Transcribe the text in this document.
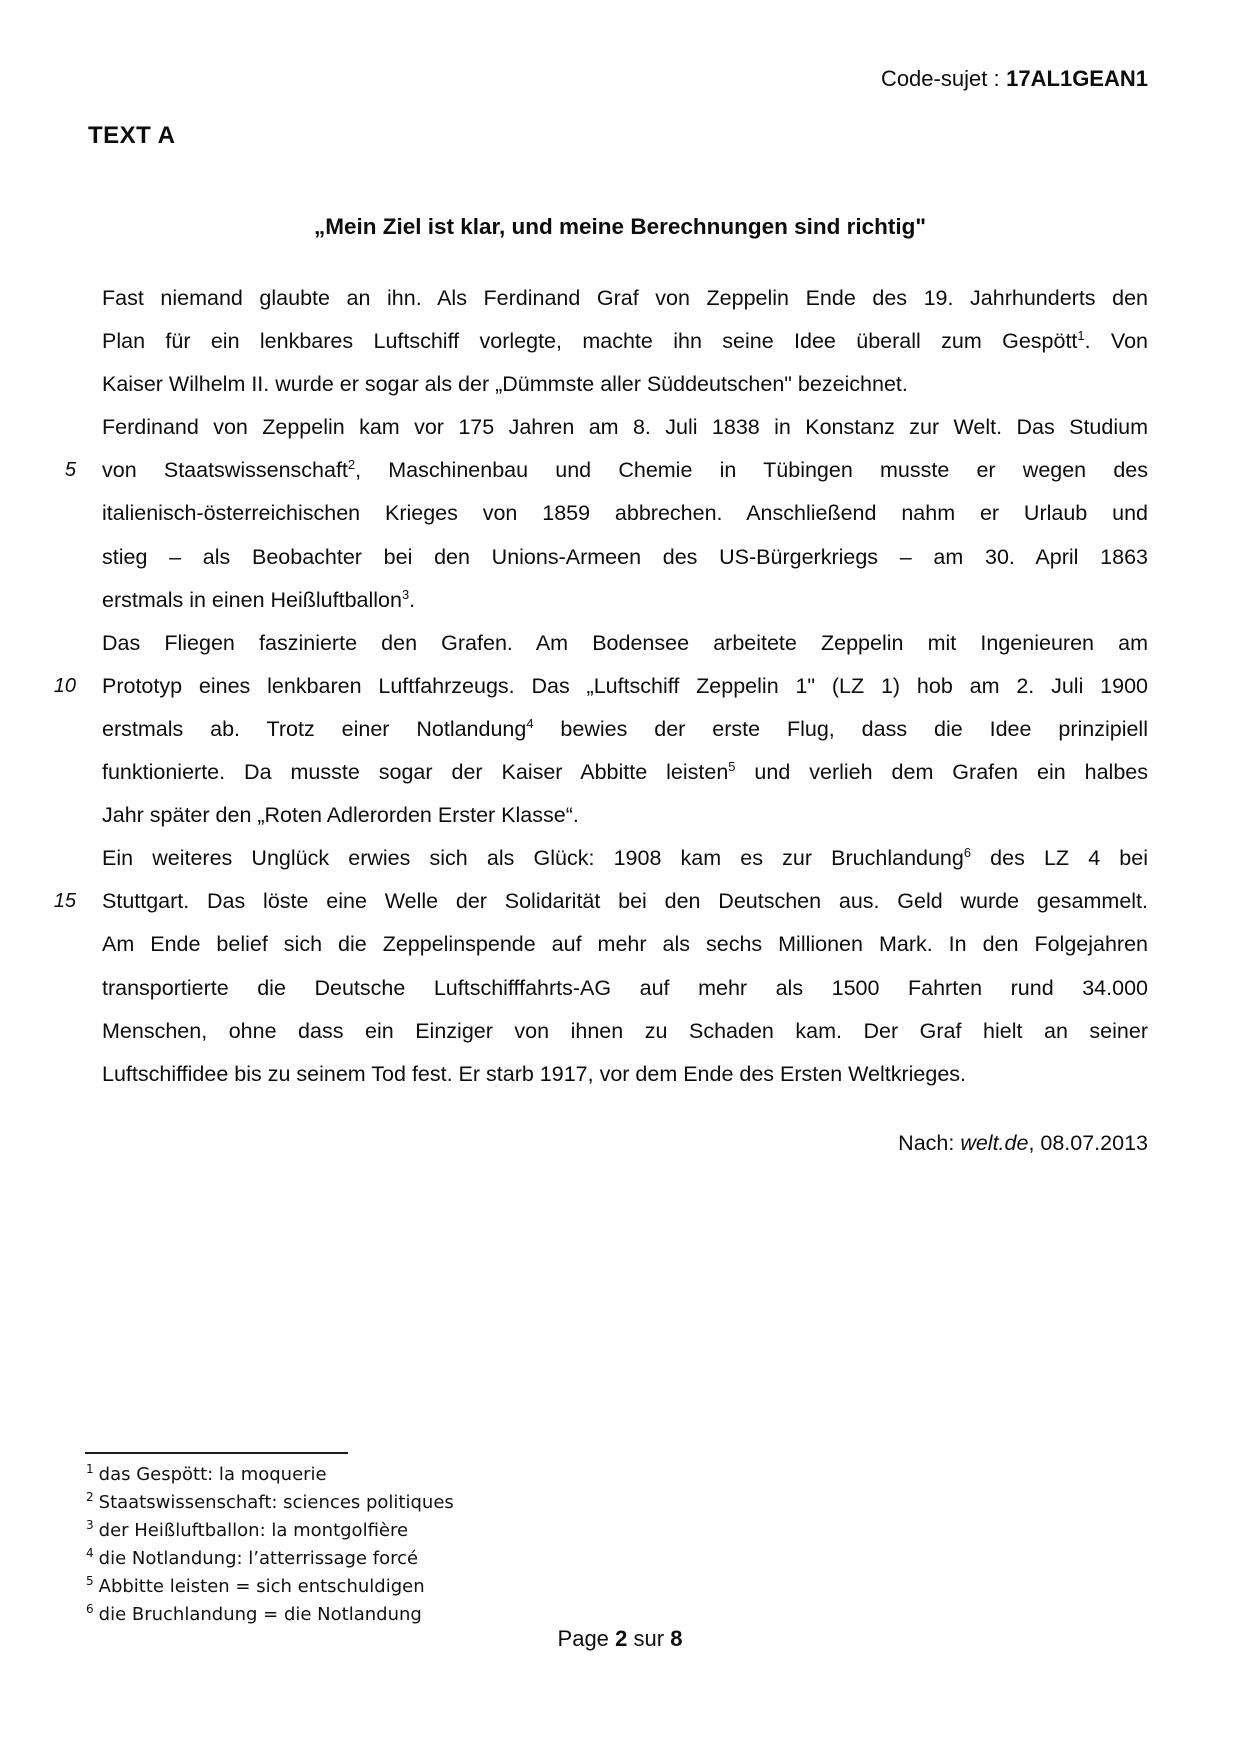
Code-sujet : 17AL1GEAN1
TEXT A
„Mein Ziel ist klar, und meine Berechnungen sind richtig"
Fast niemand glaubte an ihn. Als Ferdinand Graf von Zeppelin Ende des 19. Jahrhunderts den
Plan für ein lenkbares Luftschiff vorlegte, machte ihn seine Idee überall zum Gespött$^1$. Von
Kaiser Wilhelm II. wurde er sogar als der „Dümmste aller Süddeutschen" bezeichnet.
Ferdinand von Zeppelin kam vor 175 Jahren am 8. Juli 1838 in Konstanz zur Welt. Das Studium
5 von Staatswissenschaft$^2$, Maschinenbau und Chemie in Tübingen musste er wegen des
italienisch-österreichischen Krieges von 1859 abbrechen. Anschließend nahm er Urlaub und
stieg – als Beobachter bei den Unions-Armeen des US-Bürgerkriegs – am 30. April 1863
erstmals in einen Heißluftballon$^3$.
Das Fliegen faszinierte den Grafen. Am Bodensee arbeitete Zeppelin mit Ingenieuren am
10 Prototyp eines lenkbaren Luftfahrzeugs. Das „Luftschiff Zeppelin 1" (LZ 1) hob am 2. Juli 1900
erstmals ab. Trotz einer Notlandung$^4$ bewies der erste Flug, dass die Idee prinzipiell
funktionierte. Da musste sogar der Kaiser Abbitte leisten$^5$ und verlieh dem Grafen ein halbes
Jahr später den „Roten Adlerorden Erster Klasse“.
Ein weiteres Unglück erwies sich als Glück: 1908 kam es zur Bruchlandung$^6$ des LZ 4 bei
15 Stuttgart. Das löste eine Welle der Solidarität bei den Deutschen aus. Geld wurde gesammelt.
Am Ende belief sich die Zeppelinspende auf mehr als sechs Millionen Mark. In den Folgejahren
transportierte die Deutsche Luftschifffahrts-AG auf mehr als 1500 Fahrten rund 34.000
Menschen, ohne dass ein Einziger von ihnen zu Schaden kam. Der Graf hielt an seiner
Luftschiffidee bis zu seinem Tod fest. Er starb 1917, vor dem Ende des Ersten Weltkrieges.
Nach: welt.de, 08.07.2013
$^1$ das Gespött: la moquerie
$^2$ Staatswissenschaft: sciences politiques
$^3$ der Heißluftballon: la montgolfière
$^4$ die Notlandung: l’atterrissage forcé
$^5$ Abbitte leisten = sich entschuldigen
$^6$ die Bruchlandung = die Notlandung
Page 2 sur 8
